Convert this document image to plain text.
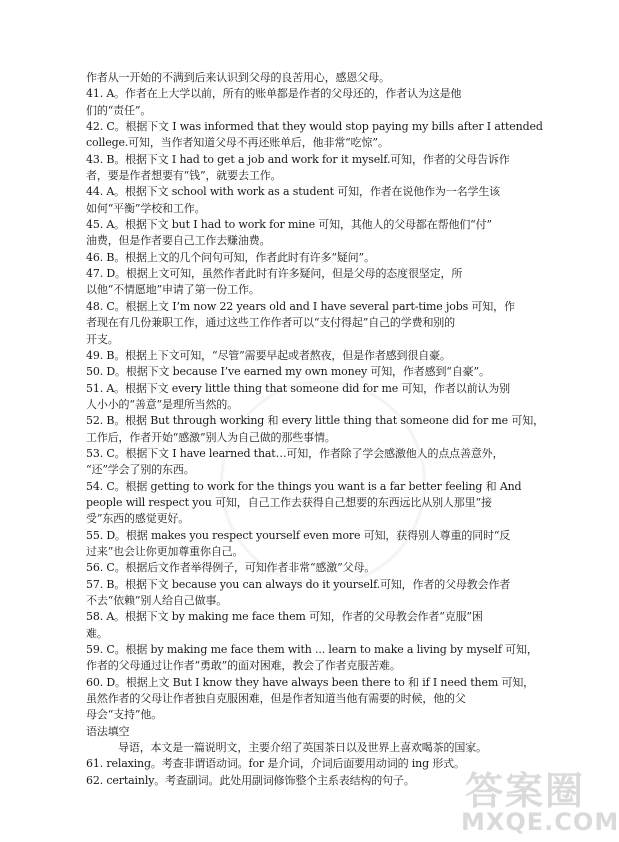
作者从一开始的不满到后来认识到父母的良苦用心，感恩父母。
41. A。作者在上大学以前，所有的账单都是作者的父母还的，作者认为这是他
们的“责任”。
42. C。根据下文 I was informed that they would stop paying my bills after I attended
college.可知，当作者知道父母不再还账单后，他非常“吃惊”。
43. B。根据下文 I had to get a job and work for it myself.可知，作者的父母告诉作
者，要是作者想要有“钱”，就要去工作。
44. A。根据下文 school with work as a student 可知，作者在说他作为一名学生该
如何“平衡”学校和工作。
45. A。根据下文 but I had to work for mine 可知，其他人的父母都在帮他们“付”
油费，但是作者要自己工作去赚油费。
46. B。根据上文的几个问句可知，作者此时有许多“疑问”。
47. D。根据上文可知，虽然作者此时有许多疑问，但是父母的态度很坚定，所
以他“不情愿地”申请了第一份工作。
48. C。根据上文 I’m now 22 years old and I have several part-time jobs 可知，作
者现在有几份兼职工作，通过这些工作作者可以“支付得起”自己的学费和别的
开支。
49. B。根据上下文可知，“尽管”需要早起或者熬夜，但是作者感到很自豪。
50. D。根据下文 because I’ve earned my own money 可知，作者感到“自豪”。
51. A。根据下文 every little thing that someone did for me 可知，作者以前认为别
人小小的“善意”是理所当然的。
52. B。根据 But through working 和 every little thing that someone did for me 可知，
工作后，作者开始“感激”别人为自己做的那些事情。
53. C。根据下文 I have learned that…可知，作者除了学会感激他人的点点善意外，
“还”学会了别的东西。
54. C。根据 getting to work for the things you want is a far better feeling 和 And
people will respect you 可知，自己工作去获得自己想要的东西远比从别人那里“接
受”东西的感觉更好。
55. D。根据 makes you respect yourself even more 可知，获得别人尊重的同时“反
过来”也会让你更加尊重你自己。
56. C。根据后文作者举得例子，可知作者非常“感激”父母。
57. B。根据下文 because you can always do it yourself.可知，作者的父母教会作者
不去“依赖”别人给自己做事。
58. A。根据下文 by making me face them 可知，作者的父母教会作者“克服”困
难。
59. C。根据 by making me face them with ... learn to make a living by myself 可知，
作者的父母通过让作者“勇敢”的面对困难，教会了作者克服苦难。
60. D。根据上文 But I know they have always been there to 和 if I need them 可知，
虽然作者的父母让作者独自克服困难，但是作者知道当他有需要的时候，他的父
母会“支持”他。
语法填空
导语，本文是一篇说明文，主要介绍了英国茶日以及世界上喜欢喝茶的国家。
61. relaxing。考查非谓语动词。for 是介词，介词后面要用动词的 ing 形式。
62. certainly。考查副词。此处用副词修饰整个主系表结构的句子。	答案圈
MXQE.COM
